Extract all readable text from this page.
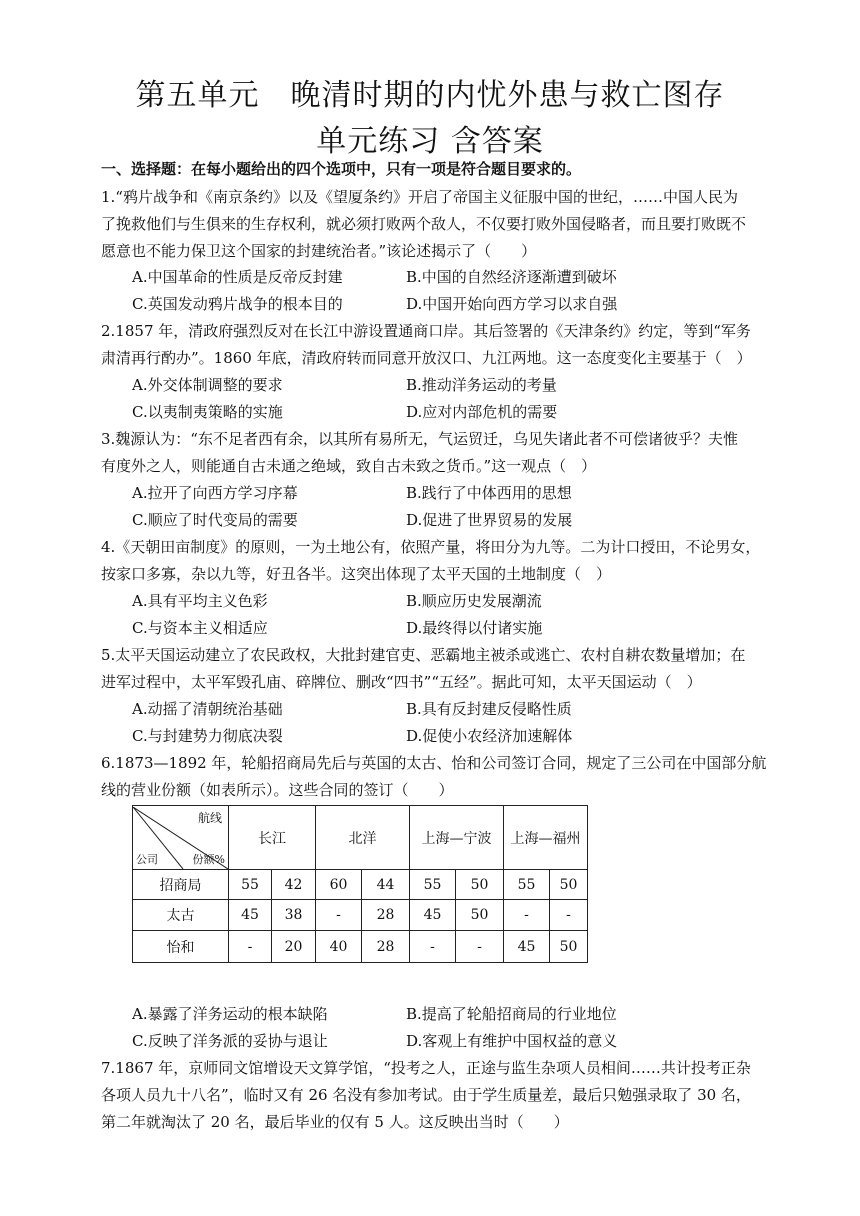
第五单元　晚清时期的内忧外患与救亡图存
单元练习 含答案
一、选择题：在每小题给出的四个选项中，只有一项是符合题目要求的。
1.“鸦片战争和《南京条约》以及《望厦条约》开启了帝国主义征服中国的世纪，……中国人民为
了挽救他们与生俱来的生存权利，就必须打败两个敌人，不仅要打败外国侵略者，而且要打败既不
愿意也不能力保卫这个国家的封建统治者。”该论述揭示了（　　）
A.中国革命的性质是反帝反封建	B.中国的自然经济逐渐遭到破坏
C.英国发动鸦片战争的根本目的	D.中国开始向西方学习以求自强
2.1857 年，清政府强烈反对在长江中游设置通商口岸。其后签署的《天津条约》约定，等到“军务
肃清再行酌办”。1860 年底，清政府转而同意开放汉口、九江两地。这一态度变化主要基于（　）
A.外交体制调整的要求	B.推动洋务运动的考量
C.以夷制夷策略的实施	D.应对内部危机的需要
3.魏源认为：“东不足者西有余，以其所有易所无，气运贸迁，乌见失诸此者不可偿诸彼乎？夫惟
有度外之人，则能通自古未通之绝域，致自古未致之货币。”这一观点（　）
A.拉开了向西方学习序幕	B.践行了中体西用的思想
C.顺应了时代变局的需要	D.促进了世界贸易的发展
4.《天朝田亩制度》的原则，一为土地公有，依照产量，将田分为九等。二为计口授田，不论男女，
按家口多寡，杂以九等，好丑各半。这突出体现了太平天国的土地制度（　）
A.具有平均主义色彩	B.顺应历史发展潮流
C.与资本主义相适应	D.最终得以付诸实施
5.太平天国运动建立了农民政权，大批封建官吏、恶霸地主被杀或逃亡、农村自耕农数量增加；在
进军过程中，太平军毁孔庙、碎牌位、删改“四书”“五经”。据此可知，太平天国运动（　）
A.动摇了清朝统治基础	B.具有反封建反侵略性质
C.与封建势力彻底决裂	D.促使小农经济加速解体
6.1873—1892 年，轮船招商局先后与英国的太古、怡和公司签订合同，规定了三公司在中国部分航
线的营业份额（如表所示）。这些合同的签订（　　）
航线
公司 份额%	长江		北洋		上海—宁波		上海—福州	
招商局	55	42	60	44	55	50	55	50
太古	45	38	-	28	45	50	-	-
怡和	-	20	40	28	-	-	45	50
A.暴露了洋务运动的根本缺陷	B.提高了轮船招商局的行业地位
C.反映了洋务派的妥协与退让	D.客观上有维护中国权益的意义
7.1867 年，京师同文馆增设天文算学馆，“投考之人，正途与监生杂项人员相间……共计投考正杂
各项人员九十八名”，临时又有 26 名没有参加考试。由于学生质量差，最后只勉强录取了 30 名，
第二年就淘汰了 20 名，最后毕业的仅有 5 人。这反映出当时（　　）
